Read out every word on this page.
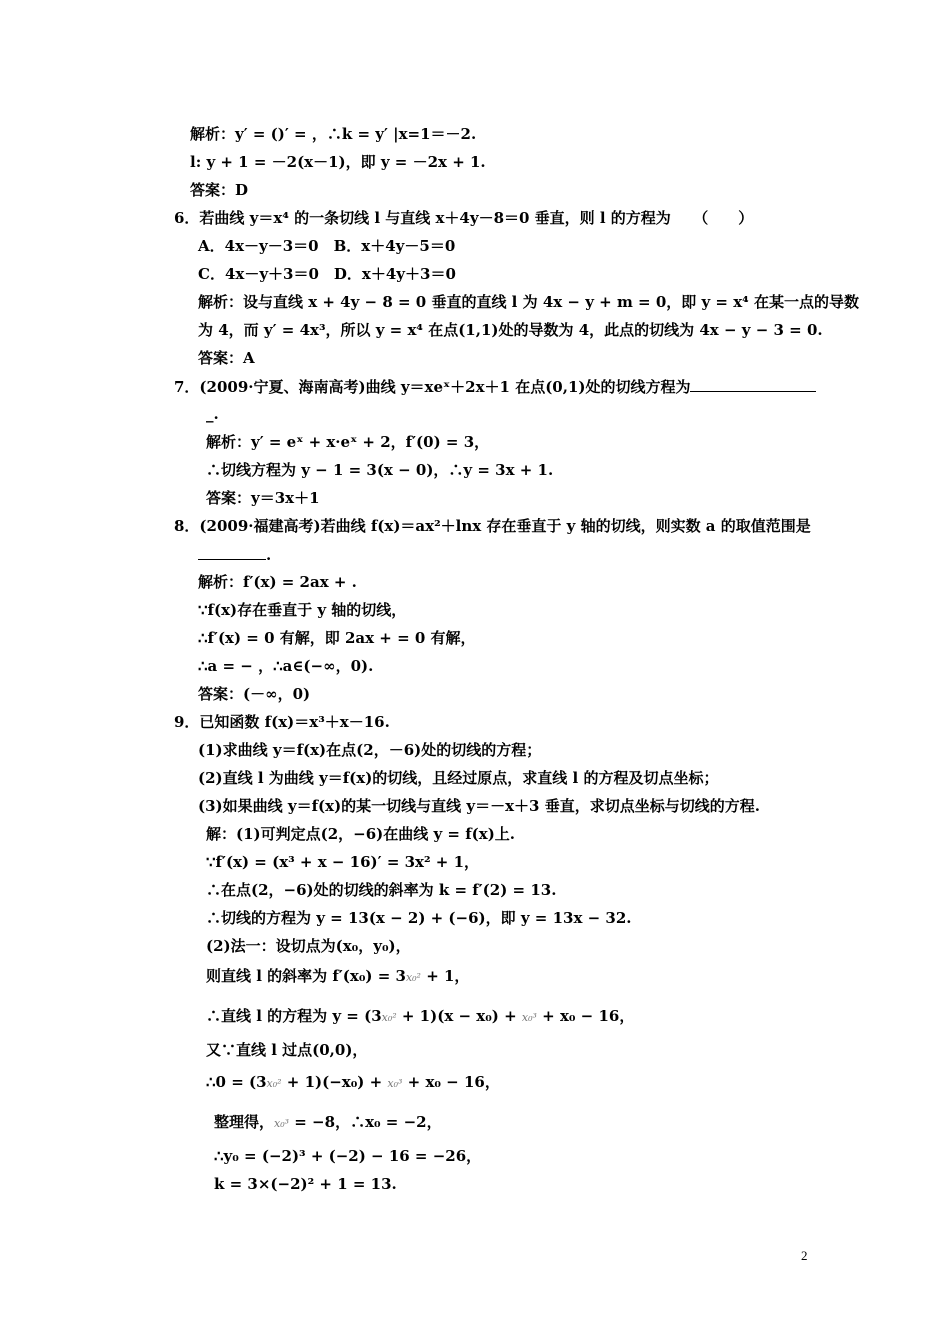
解析：y′ = ()′ = ，∴k = y′ |x=1＝－2.
l: y + 1 = －2(x－1)，即 y = －2x + 1.
答案：D
6．若曲线 y＝x⁴ 的一条切线 l 与直线 x＋4y－8＝0 垂直，则 l 的方程为　　（　　）
A．4x－y－3＝0　B．x＋4y－5＝0
C．4x－y＋3＝0　D．x＋4y＋3＝0
解析：设与直线 x + 4y − 8 = 0 垂直的直线 l 为 4x − y + m = 0，即 y = x⁴ 在某一点的导数
为 4，而 y′ = 4x³，所以 y = x⁴ 在点(1,1)处的导数为 4，此点的切线为 4x − y − 3 = 0.
答案：A
7．(2009·宁夏、海南高考)曲线 y＝xeˣ＋2x＋1 在点(0,1)处的切线方程为
_.
解析：y′ = eˣ + x·eˣ + 2，f′(0) = 3，
∴切线方程为 y − 1 = 3(x − 0)，∴y = 3x + 1.
答案：y＝3x＋1
8．(2009·福建高考)若曲线 f(x)＝ax²＋lnx 存在垂直于 y 轴的切线，则实数 a 的取值范围是
.
解析：f′(x) = 2ax + .
∵f(x)存在垂直于 y 轴的切线，
∴f′(x) = 0 有解，即 2ax + = 0 有解，
∴a = − ，∴a∈(−∞，0).
答案：(－∞，0)
9．已知函数 f(x)＝x³＋x－16.
(1)求曲线 y＝f(x)在点(2，－6)处的切线的方程；
(2)直线 l 为曲线 y＝f(x)的切线，且经过原点，求直线 l 的方程及切点坐标；
(3)如果曲线 y＝f(x)的某一切线与直线 y＝－x＋3 垂直，求切点坐标与切线的方程.
解：(1)可判定点(2，−6)在曲线 y = f(x)上.
∵f′(x) = (x³ + x − 16)′ = 3x² + 1，
∴在点(2，−6)处的切线的斜率为 k = f′(2) = 13.
∴切线的方程为 y = 13(x − 2) + (−6)，即 y = 13x − 32.
(2)法一：设切点为(x₀，y₀)，
则直线 l 的斜率为 f′(x₀) = 3x₀² + 1，
∴直线 l 的方程为 y = (3x₀² + 1)(x − x₀) + x₀³ + x₀ − 16，
又∵直线 l 过点(0,0)，
∴0 = (3x₀² + 1)(−x₀) + x₀³ + x₀ − 16，
整理得，x₀³ = −8，∴x₀ = −2，
∴y₀ = (−2)³ + (−2) − 16 = −26，
k = 3×(−2)² + 1 = 13.
2
